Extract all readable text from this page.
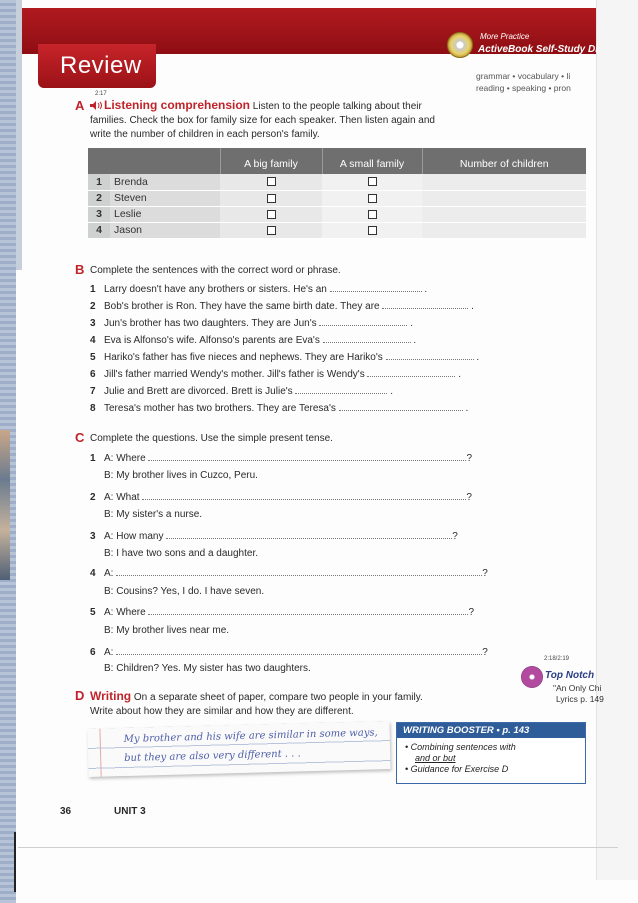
Review
More Practice
ActiveBook Self-Study Di
grammar • vocabulary • li
reading • speaking • pron
2:17
A	Listening comprehension Listen to the people talking about their
families. Check the box for family size for each speaker. Then listen again and
write the number of children in each person's family.
		A big family	A small family	Number of children
1	Brenda			
2	Steven			
3	Leslie			
4	Jason			
B Complete the sentences with the correct word or phrase.
1 Larry doesn't have any brothers or sisters. He's an	.
2 Bob's brother is Ron. They have the same birth date. They are	.
3 Jun's brother has two daughters. They are Jun's	.
4 Eva is Alfonso's wife. Alfonso's parents are Eva's	.
5 Hariko's father has five nieces and nephews. They are Hariko's	.
6 Jill's father married Wendy's mother. Jill's father is Wendy's	.
7 Julie and Brett are divorced. Brett is Julie's	.
8 Teresa's mother has two brothers. They are Teresa's	.
C Complete the questions. Use the simple present tense.
1 A: Where	?
B: My brother lives in Cuzco, Peru.
2 A: What	?
B: My sister's a nurse.
3 A: How many	?
B: I have two sons and a daughter.
4 A:	?
B: Cousins? Yes, I do. I have seven.
5 A: Where	?
B: My brother lives near me.
6 A:	?
B: Children? Yes. My sister has two daughters.
2:18/2:19
Top Notch
"An Only Chi
Lyrics p. 149
D Writing On a separate sheet of paper, compare two people in your family.
Write about how they are similar and how they are different.
My brother and his wife are similar in some ways,
but they are also very different . . .
WRITING BOOSTER • p. 143
• Combining sentences with
and or but
• Guidance for Exercise D
36	UNIT 3
